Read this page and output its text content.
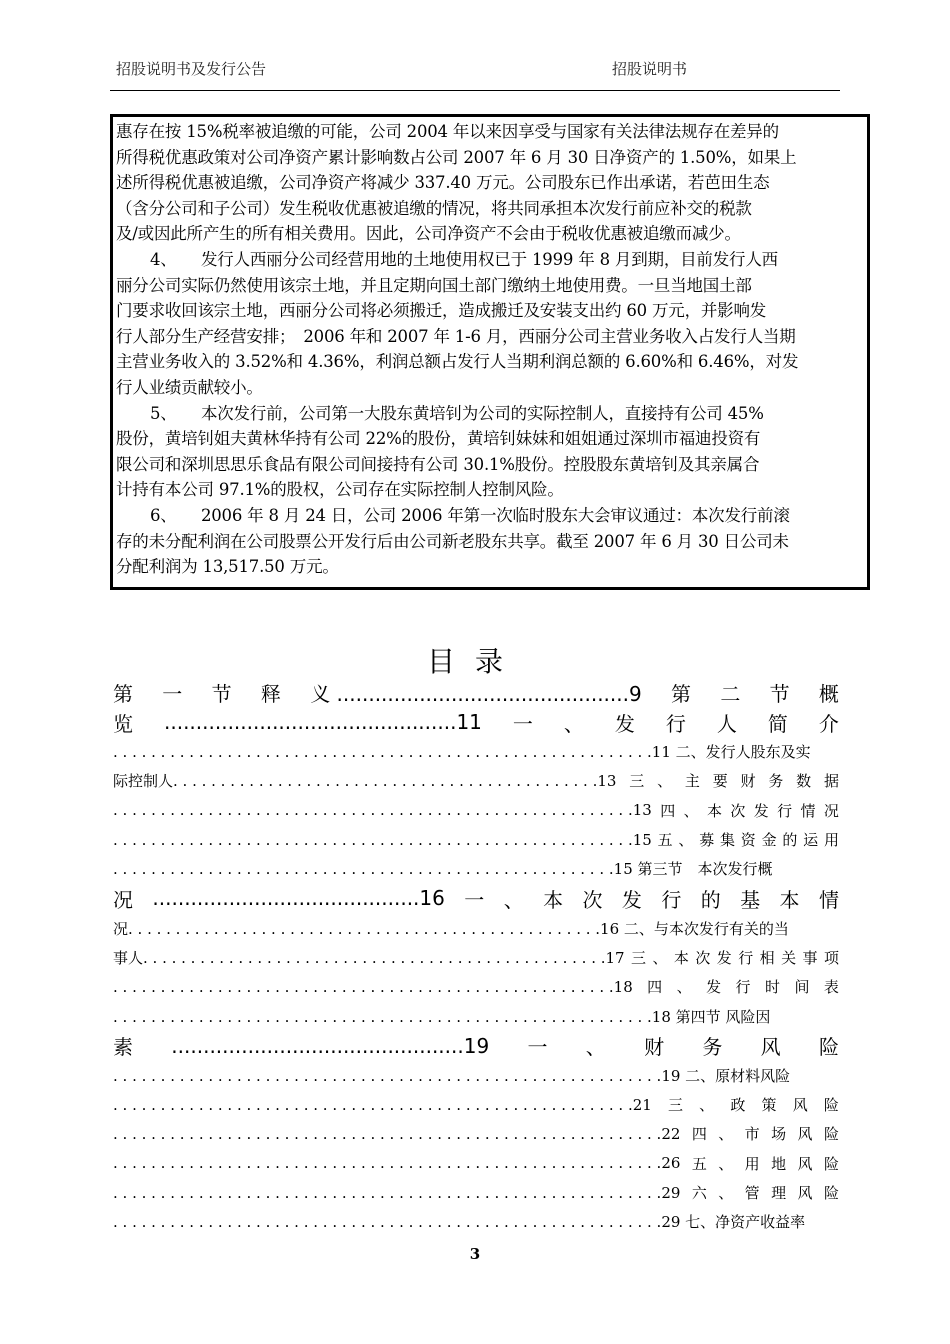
招股说明书及发行公告	招股说明书

惠存在按 15%税率被追缴的可能，公司 2004 年以来因享受与国家有关法律法规存在差异的

所得税优惠政策对公司净资产累计影响数占公司 2007 年 6 月 30 日净资产的 1.50%，如果上

述所得税优惠被追缴，公司净资产将减少 337.40 万元。公司股东已作出承诺，若芭田生态

（含分公司和子公司）发生税收优惠被追缴的情况，将共同承担本次发行前应补交的税款

及/或因此所产生的所有相关费用。因此，公司净资产不会由于税收优惠被追缴而减少。

4、　　发行人西丽分公司经营用地的土地使用权已于 1999 年 8 月到期，目前发行人西

丽分公司实际仍然使用该宗土地，并且定期向国土部门缴纳土地使用费。一旦当地国土部

门要求收回该宗土地，西丽分公司将必须搬迁，造成搬迁及安装支出约 60 万元，并影响发

行人部分生产经营安排；　2006 年和 2007 年 1-6 月，西丽分公司主营业务收入占发行人当期

主营业务收入的 3.52%和 4.36%，利润总额占发行人当期利润总额的 6.60%和 6.46%，对发

行人业绩贡献较小。

5、　　本次发行前，公司第一大股东黄培钊为公司的实际控制人，直接持有公司 45%

股份，黄培钊姐夫黄林华持有公司 22%的股份，黄培钊妹妹和姐姐通过深圳市福迪投资有

限公司和深圳思思乐食品有限公司间接持有公司 30.1%股份。控股股东黄培钊及其亲属合

计持有本公司 97.1%的股权，公司存在实际控制人控制风险。

6、　　2006 年 8 月 24 日，公司 2006 年第一次临时股东大会审议通过：本次发行前滚

存的未分配利润在公司股票公开发行后由公司新老股东共享。截至 2007 年 6 月 30 日公司未

分配利润为 13,517.50 万元。

目录
第 一 节 释 义 ..............................................9 第 二 节 概
览 ..............................................11 一 、 发 行 人 简 介
. . . . . . . . . . . . . . . . . . . . . . . . . . . . . . . . . . . . . . . . . . . . . . . . . . . . . . . . .11 二、发行人股东及实
际控制人. . . . . . . . . . . . . . . . . . . . . . . . . . . . . . . . . . . . . . . . . . . . .13 三 、 主 要 财 务 数 据
. . . . . . . . . . . . . . . . . . . . . . . . . . . . . . . . . . . . . . . . . . . . . . . . . . . . . . .13 四 、 本 次 发 行 情 况
. . . . . . . . . . . . . . . . . . . . . . . . . . . . . . . . . . . . . . . . . . . . . . . . . . . . . . .15 五 、 募 集 资 金 的 运 用
. . . . . . . . . . . . . . . . . . . . . . . . . . . . . . . . . . . . . . . . . . . . . . . . . . . . .15 第三节　本次发行概
况 ..........................................16 一 、 本 次 发 行 的 基 本 情
况. . . . . . . . . . . . . . . . . . . . . . . . . . . . . . . . . . . . . . . . . . . . . . . . . .16 二、与本次发行有关的当
事人. . . . . . . . . . . . . . . . . . . . . . . . . . . . . . . . . . . . . . . . . . . . . . . . .17 三 、 本 次 发 行 相 关 事 项
. . . . . . . . . . . . . . . . . . . . . . . . . . . . . . . . . . . . . . . . . . . . . . . . . . . . .18 四 、 发 行 时 间 表
. . . . . . . . . . . . . . . . . . . . . . . . . . . . . . . . . . . . . . . . . . . . . . . . . . . . . . . . .18 第四节 风险因
素 ..............................................19 一 、 财 务 风 险
. . . . . . . . . . . . . . . . . . . . . . . . . . . . . . . . . . . . . . . . . . . . . . . . . . . . . . . . . .19 二、原材料风险
. . . . . . . . . . . . . . . . . . . . . . . . . . . . . . . . . . . . . . . . . . . . . . . . . . . . . . .21 三 、 政 策 风 险
. . . . . . . . . . . . . . . . . . . . . . . . . . . . . . . . . . . . . . . . . . . . . . . . . . . . . . . . . .22 四 、 市 场 风 险
. . . . . . . . . . . . . . . . . . . . . . . . . . . . . . . . . . . . . . . . . . . . . . . . . . . . . . . . . .26 五 、 用 地 风 险
. . . . . . . . . . . . . . . . . . . . . . . . . . . . . . . . . . . . . . . . . . . . . . . . . . . . . . . . . .29 六 、 管 理 风 险
. . . . . . . . . . . . . . . . . . . . . . . . . . . . . . . . . . . . . . . . . . . . . . . . . . . . . . . . . .29 七、净资产收益率
3
